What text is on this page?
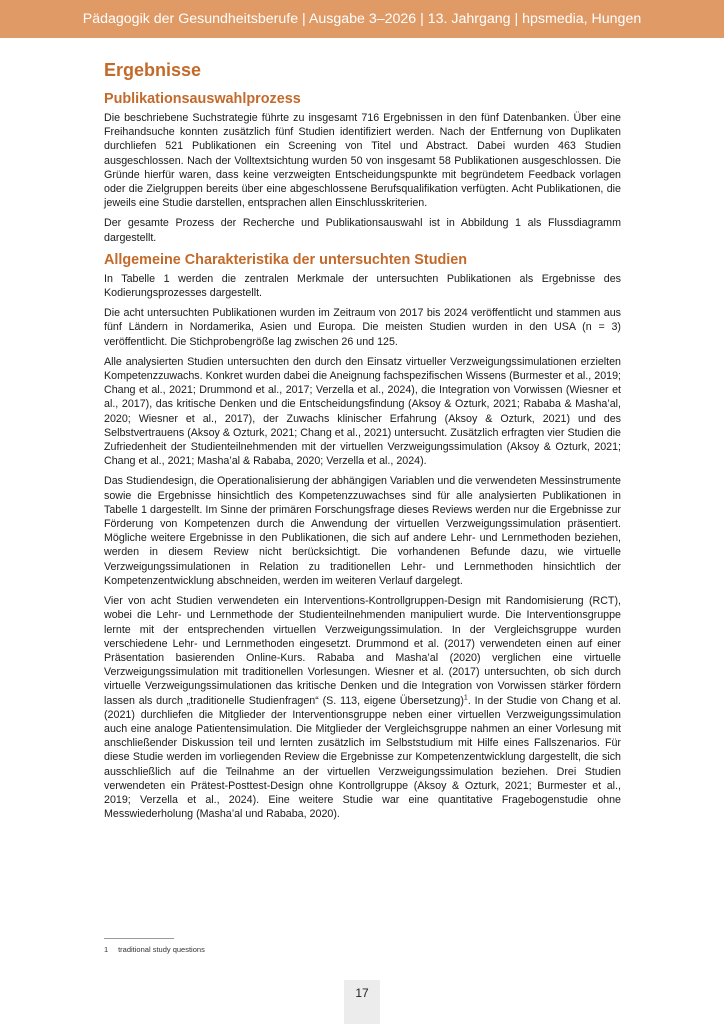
Pädagogik der Gesundheitsberufe | Ausgabe 3–2026 | 13. Jahrgang | hpsmedia, Hungen
Ergebnisse
Publikationsauswahlprozess

Die beschriebene Suchstrategie führte zu insgesamt 716 Ergebnissen in den fünf Datenbanken. Über eine Freihandsuche konnten zusätzlich fünf Studien identifiziert werden. Nach der Entfernung von Duplikaten durchliefen 521 Publikationen ein Screening von Titel und Abstract. Dabei wurden 463 Studien ausgeschlossen. Nach der Volltextsichtung wurden 50 von insgesamt 58 Publikationen ausgeschlossen. Die Gründe hierfür waren, dass keine verzweigten Entscheidungspunkte mit begründetem Feedback vorlagen oder die Zielgruppen bereits über eine abgeschlossene Berufsqualifikation verfügten. Acht Publikationen, die jeweils eine Studie darstellen, entsprachen allen Einschlusskriterien.

Der gesamte Prozess der Recherche und Publikationsauswahl ist in Abbildung 1 als Flussdiagramm dargestellt.

Allgemeine Charakteristika der untersuchten Studien

In Tabelle 1 werden die zentralen Merkmale der untersuchten Publikationen als Ergebnisse des Kodierungsprozesses dargestellt.

Die acht untersuchten Publikationen wurden im Zeitraum von 2017 bis 2024 veröffentlicht und stammen aus fünf Ländern in Nordamerika, Asien und Europa. Die meisten Studien wurden in den USA (n = 3) veröffentlicht. Die Stichprobengröße lag zwischen 26 und 125.

Alle analysierten Studien untersuchten den durch den Einsatz virtueller Verzweigungssimulationen erzielten Kompetenzzuwachs. Konkret wurden dabei die Aneignung fachspezifischen Wissens (Burmester et al., 2019; Chang et al., 2021; Drummond et al., 2017; Verzella et al., 2024), die Integration von Vorwissen (Wiesner et al., 2017), das kritische Denken und die Entscheidungsfindung (Aksoy & Ozturk, 2021; Rababa & Masha’al, 2020; Wiesner et al., 2017), der Zuwachs klinischer Erfahrung (Aksoy & Ozturk, 2021) und des Selbstvertrauens (Aksoy & Ozturk, 2021; Chang et al., 2021) untersucht. Zusätzlich erfragten vier Studien die Zufriedenheit der Studienteilnehmenden mit der virtuellen Verzweigungssimulation (Aksoy & Ozturk, 2021; Chang et al., 2021; Masha’al & Rababa, 2020; Verzella et al., 2024).

Das Studiendesign, die Operationalisierung der abhängigen Variablen und die verwendeten Messinstrumente sowie die Ergebnisse hinsichtlich des Kompetenzzuwachses sind für alle analysierten Publikationen in Tabelle 1 dargestellt. Im Sinne der primären Forschungsfrage dieses Reviews werden nur die Ergebnisse zur Förderung von Kompetenzen durch die Anwendung der virtuellen Verzweigungssimulation präsentiert. Mögliche weitere Ergebnisse in den Publikationen, die sich auf andere Lehr- und Lernmethoden beziehen, werden in diesem Review nicht berücksichtigt. Die vorhandenen Befunde dazu, wie virtuelle Verzweigungssimulationen in Relation zu traditionellen Lehr- und Lernmethoden hinsichtlich der Kompetenzentwicklung abschneiden, werden im weiteren Verlauf dargelegt.

Vier von acht Studien verwendeten ein Interventions-Kontrollgruppen-Design mit Randomisierung (RCT), wobei die Lehr- und Lernmethode der Studienteilnehmenden manipuliert wurde. Die Interventionsgruppe lernte mit der entsprechenden virtuellen Verzweigungssimulation. In der Vergleichsgruppe wurden verschiedene Lehr- und Lernmethoden eingesetzt. Drummond et al. (2017) verwendeten einen auf einer Präsentation basierenden Online-Kurs. Rababa and Masha’al (2020) verglichen eine virtuelle Verzweigungssimulation mit traditionellen Vorlesungen. Wiesner et al. (2017) untersuchten, ob sich durch virtuelle Verzweigungssimulationen das kritische Denken und die Integration von Vorwissen stärker fördern lassen als durch „traditionelle Studienfragen“ (S. 113, eigene Übersetzung)$^1$. In der Studie von Chang et al. (2021) durchliefen die Mitglieder der Interventionsgruppe neben einer virtuellen Verzweigungssimulation auch eine analoge Patientensimulation. Die Mitglieder der Vergleichsgruppe nahmen an einer Vorlesung mit anschließender Diskussion teil und lernten zusätzlich im Selbststudium mit Hilfe eines Fallszenarios. Für diese Studie werden im vorliegenden Review die Ergebnisse zur Kompetenzentwicklung dargestellt, die sich ausschließlich auf die Teilnahme an der virtuellen Verzweigungssimulation beziehen. Drei Studien verwendeten ein Prätest-Posttest-Design ohne Kontrollgruppe (Aksoy & Ozturk, 2021; Burmester et al., 2019; Verzella et al., 2024). Eine weitere Studie war eine quantitative Fragebogenstudie ohne Messwiederholung (Masha’al und Rababa, 2020).

1 traditional study questions
17
